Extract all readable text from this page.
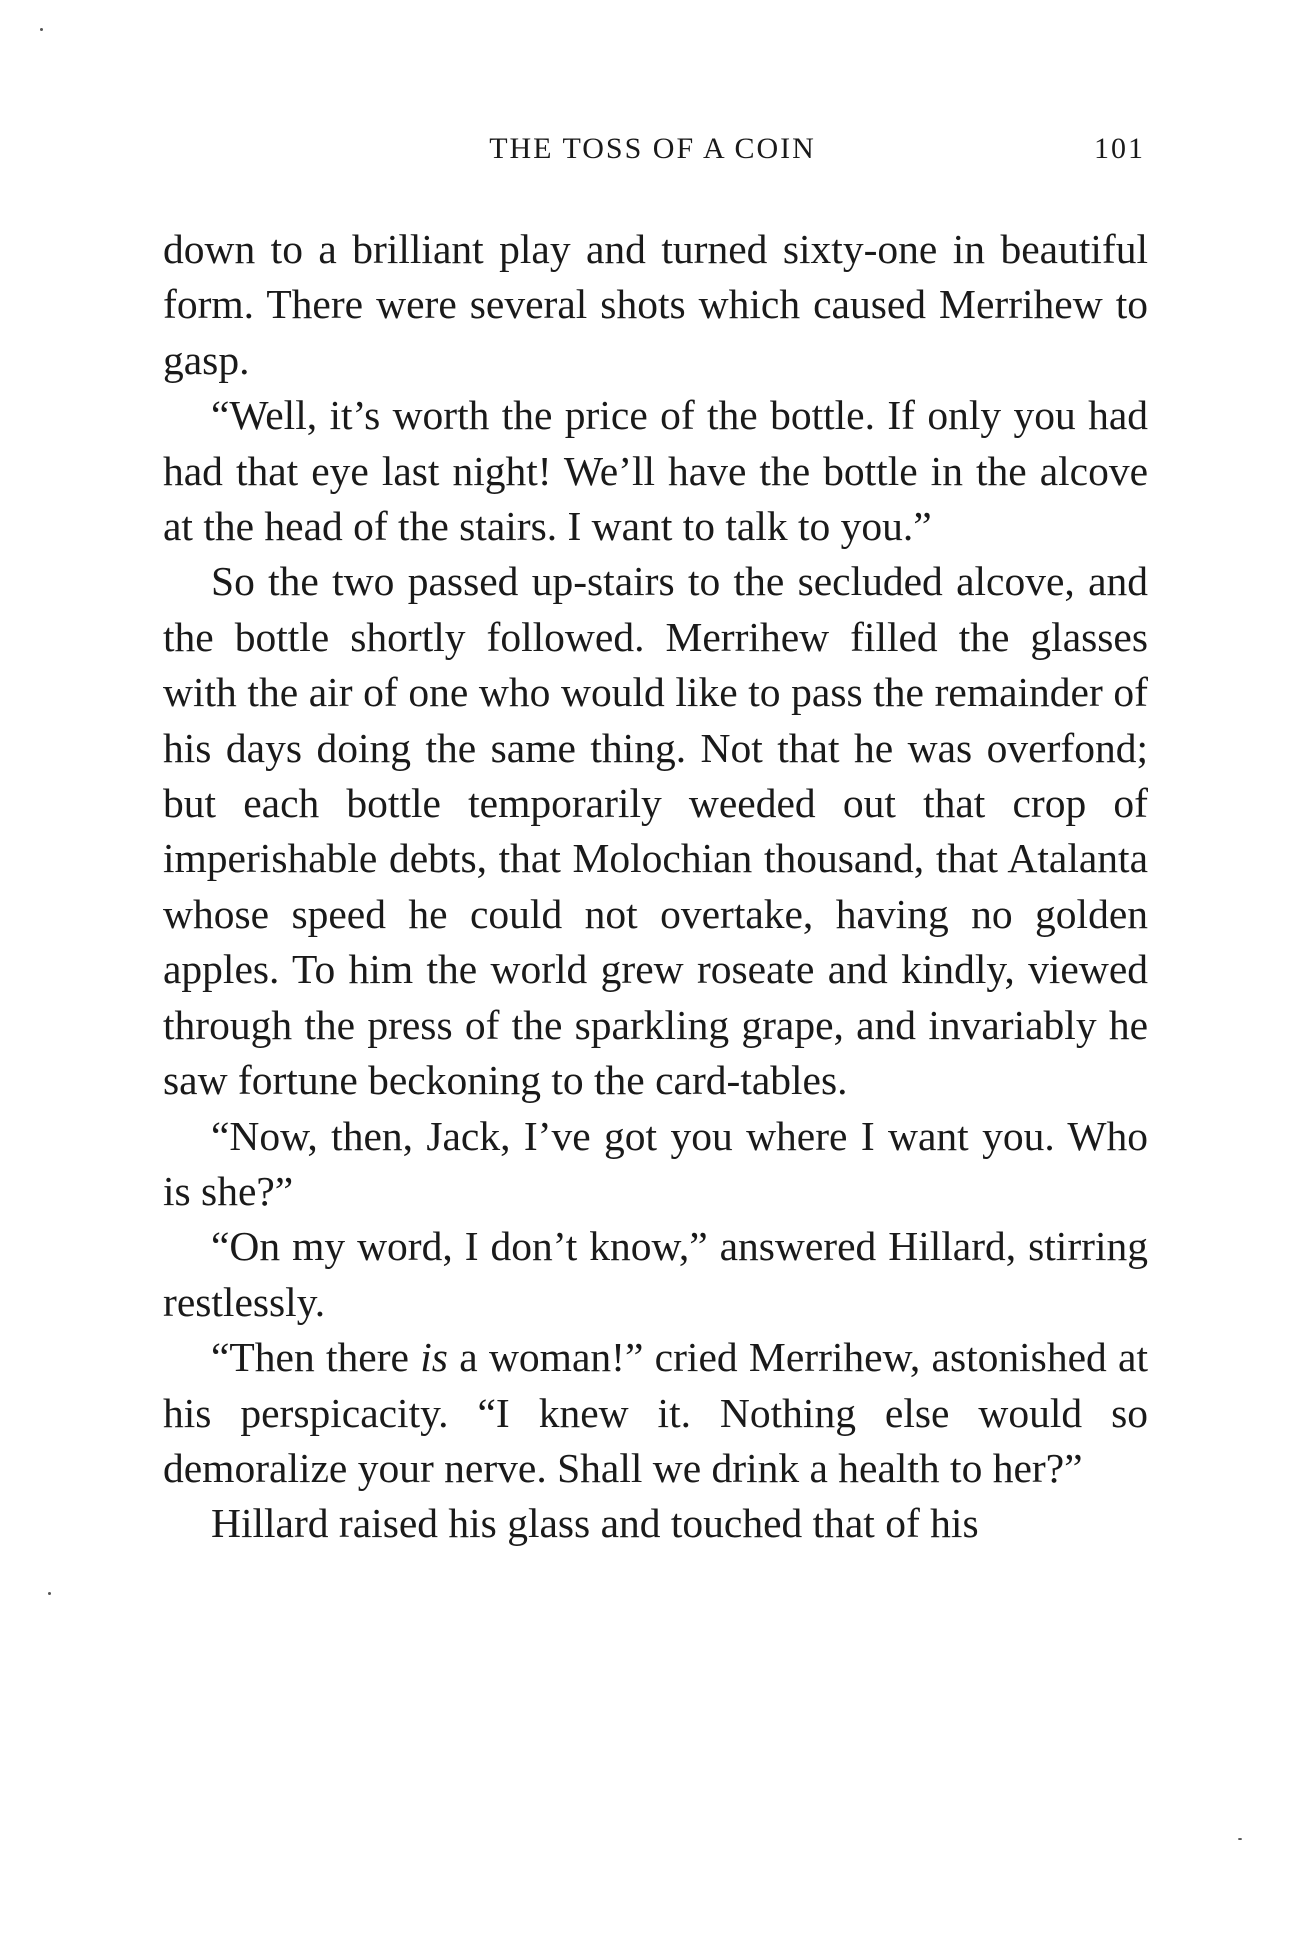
THE TOSS OF A COIN	101

down to a brilliant play and turned sixty-one in beautiful form. There were several shots which caused Merrihew to gasp.

“Well, it’s worth the price of the bottle. If only you had had that eye last night! We’ll have the bottle in the alcove at the head of the stairs. I want to talk to you.”

So the two passed up-stairs to the secluded alcove, and the bottle shortly followed. Merrihew filled the glasses with the air of one who would like to pass the remainder of his days doing the same thing. Not that he was overfond; but each bottle temporarily weeded out that crop of imperishable debts, that Molochian thousand, that Atalanta whose speed he could not overtake, having no golden apples. To him the world grew roseate and kindly, viewed through the press of the sparkling grape, and invariably he saw fortune beckoning to the card-tables.

“Now, then, Jack, I’ve got you where I want you. Who is she?”

“On my word, I don’t know,” answered Hillard, stirring restlessly.

“Then there is a woman!” cried Merrihew, astonished at his perspicacity. “I knew it. Nothing else would so demoralize your nerve. Shall we drink a health to her?”

Hillard raised his glass and touched that of his
